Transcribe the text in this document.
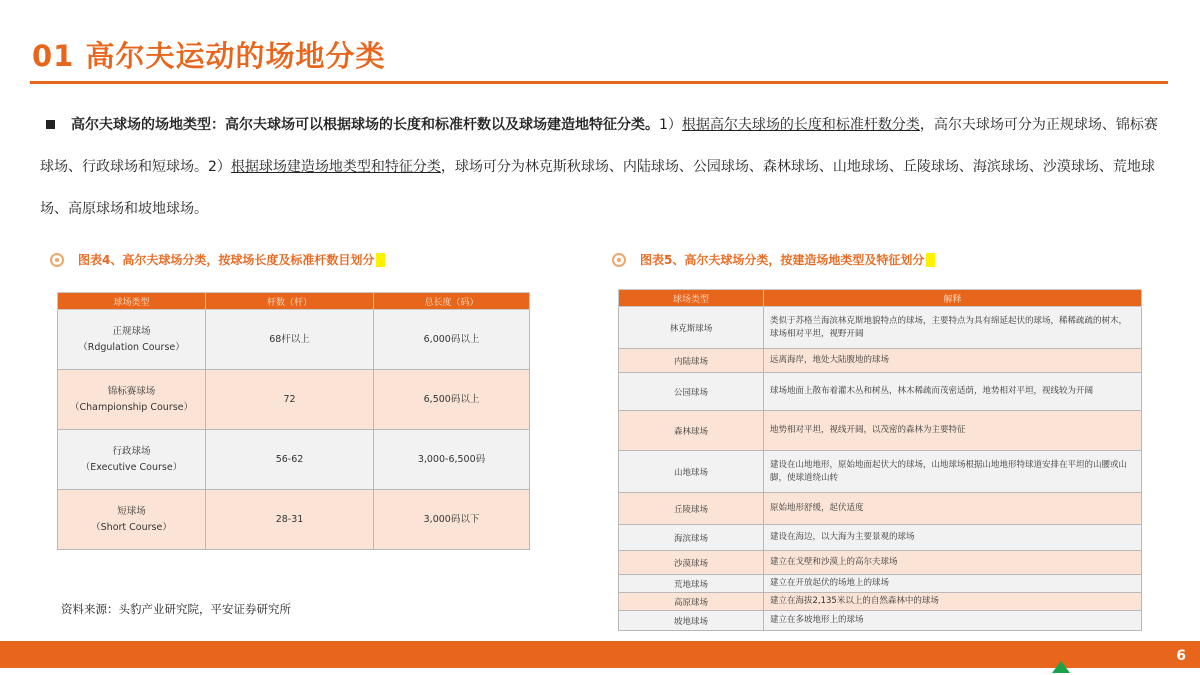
01 高尔夫运动的场地分类
高尔夫球场的场地类型：高尔夫球场可以根据球场的长度和标准杆数以及球场建造地特征分类。1）根据高尔夫球场的长度和标准杆数分类，高尔夫球场可分为正规球场、锦标赛球场、行政球场和短球场。2）根据球场建造场地类型和特征分类，球场可分为林克斯秋球场、内陆球场、公园球场、森林球场、山地球场、丘陵球场、海滨球场、沙漠球场、荒地球场、高原球场和坡地球场。
图表4、高尔夫球场分类，按球场长度及标准杆数目划分
球场类型	杆数（杆）	总长度（码）

正规球场
（Rdgulation Course）	68杆以上	6,000码以上

锦标赛球场
（Championship Course）	72	6,500码以上

行政球场
（Executive Course）	56-62	3,000-6,500码

短球场
（Short Course）	28-31	3,000码以下
图表5、高尔夫球场分类，按建造场地类型及特征划分
球场类型	解释
林克斯球场	类似于苏格兰海滨林克斯地貌特点的球场，主要特点为具有绵延起伏的球场，稀稀疏疏的树木，球场相对平坦，视野开阔
内陆球场	远离海岸，地处大陆腹地的球场
公园球场	球场地面上散布着灌木丛和树丛，林木稀疏而茂密适荫，地势相对平坦，视线较为开阔
森林球场	地势相对平坦，视线开阔，以茂密的森林为主要特征
山地球场	建设在山地地形，原始地面起伏大的球场，山地球场根据山地地形特球道安排在平坦的山腰或山脚，使球道绕山转
丘陵球场	原始地形舒缓，起伏适度
海滨球场	建设在海边，以大海为主要景观的球场
沙漠球场	建立在戈壁和沙漠上的高尔夫球场
荒地球场	建立在开放起伏的场地上的球场
高原球场	建立在海拔2,135米以上的自然森林中的球场
坡地球场	建立在多坡地形上的球场
资料来源：头豹产业研究院，平安证券研究所
6
